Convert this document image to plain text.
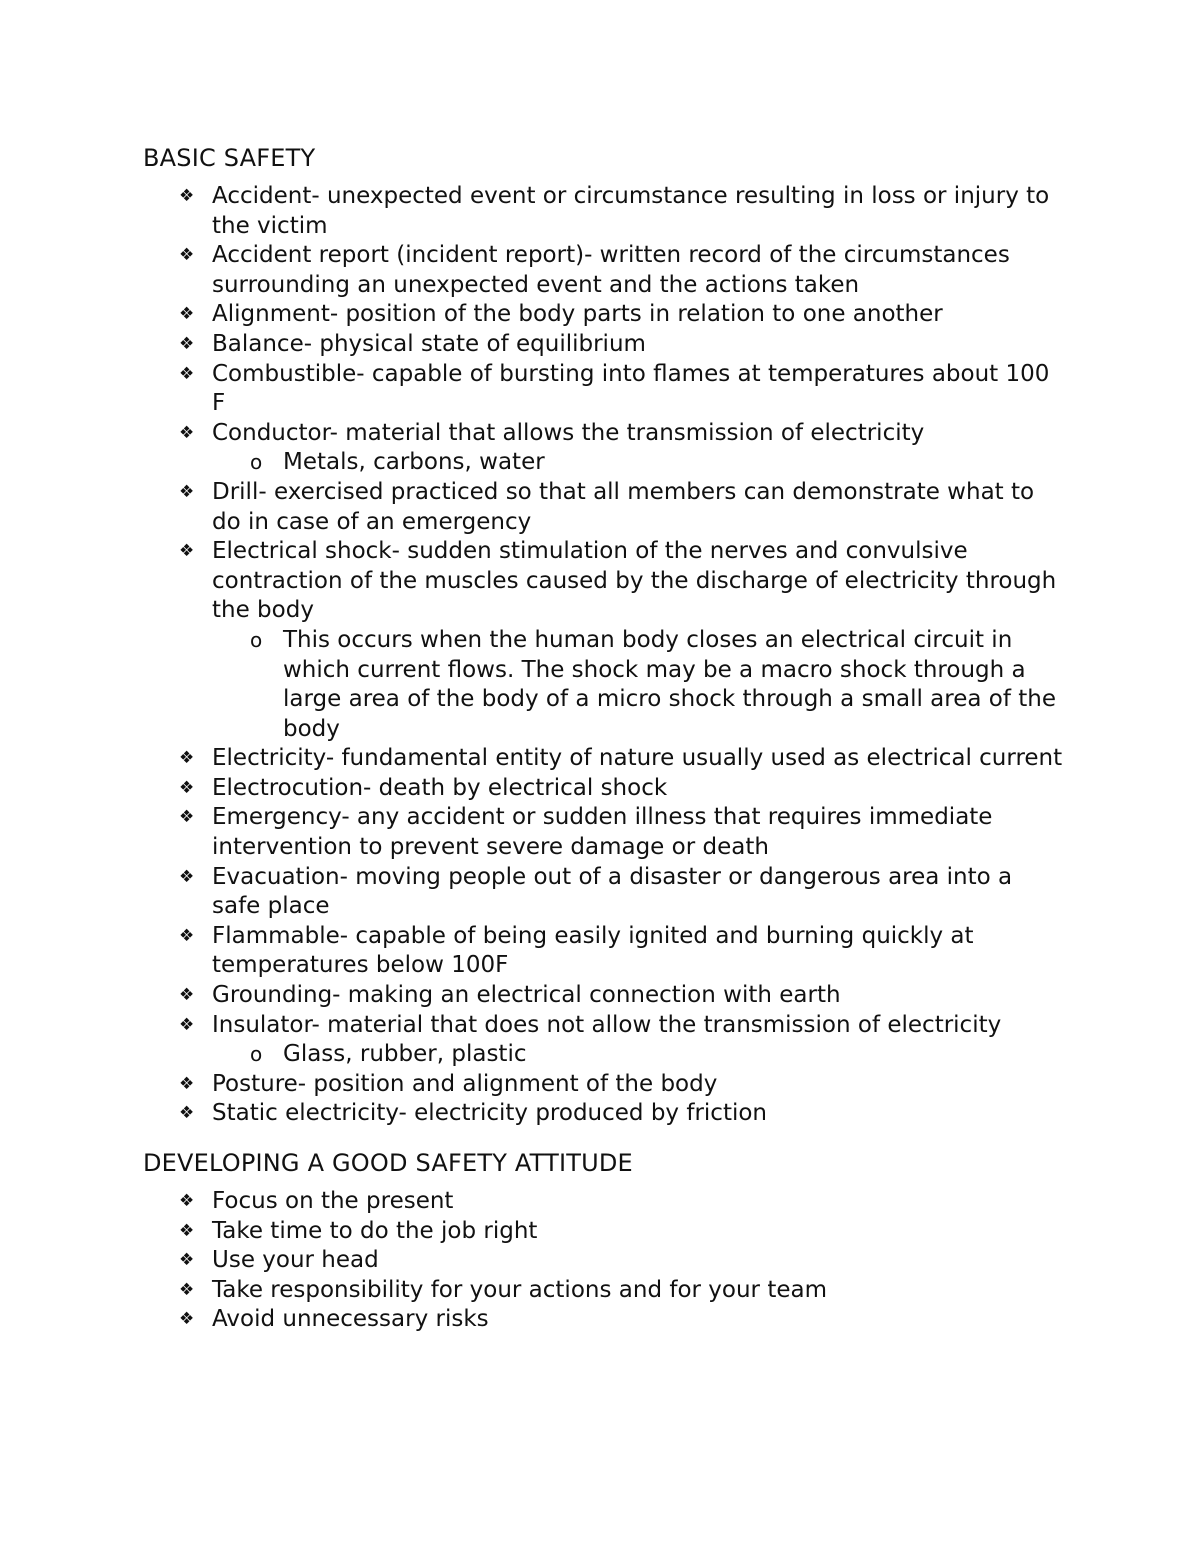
BASIC SAFETY
❖ Accident- unexpected event or circumstance resulting in loss or injury to the victim
❖ Accident report (incident report)- written record of the circumstances surrounding an unexpected event and the actions taken
❖ Alignment- position of the body parts in relation to one another
❖ Balance- physical state of equilibrium
❖ Combustible- capable of bursting into flames at temperatures about 100 F
❖ Conductor- material that allows the transmission of electricity
o Metals, carbons, water
❖ Drill- exercised practiced so that all members can demonstrate what to do in case of an emergency
❖ Electrical shock- sudden stimulation of the nerves and convulsive contraction of the muscles caused by the discharge of electricity through the body
o This occurs when the human body closes an electrical circuit in which current flows. The shock may be a macro shock through a large area of the body of a micro shock through a small area of the body
❖ Electricity- fundamental entity of nature usually used as electrical current
❖ Electrocution- death by electrical shock
❖ Emergency- any accident or sudden illness that requires immediate intervention to prevent severe damage or death
❖ Evacuation- moving people out of a disaster or dangerous area into a safe place
❖ Flammable- capable of being easily ignited and burning quickly at temperatures below 100F
❖ Grounding- making an electrical connection with earth
❖ Insulator- material that does not allow the transmission of electricity
o Glass, rubber, plastic
❖ Posture- position and alignment of the body
❖ Static electricity- electricity produced by friction
DEVELOPING A GOOD SAFETY ATTITUDE
❖ Focus on the present
❖ Take time to do the job right
❖ Use your head
❖ Take responsibility for your actions and for your team
❖ Avoid unnecessary risks
